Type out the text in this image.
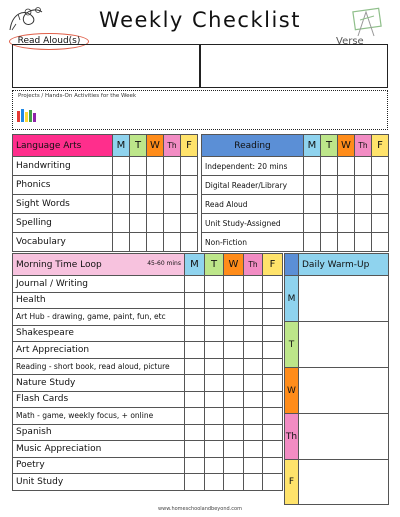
Weekly Checklist
Read Aloud(s)	Verse
Projects / Hands-On Activities for the Week
Language Arts	M	T	W	Th	F
Handwriting					
Phonics					
Sight Words					
Spelling					
Vocabulary					
Reading	M	T	W	Th	F
Independent: 20 mins					
Digital Reader/Library					
Read Aloud					
Unit Study-Assigned					
Non-Fiction					
Morning Time Loop 45-60 mins	M	T	W	Th	F
Journal / Writing					
Health					
Art Hub - drawing, game, paint, fun, etc					
Shakespeare					
Art Appreciation					
Reading - short book, read aloud, picture					
Nature Study					
Flash Cards					
Math - game, weekly focus, + online					
Spanish					
Music Appreciation					
Poetry					
Unit Study					
	Daily Warm-Up
M	
T	
W	
Th	
F	
www.homeschoolandbeyond.com
